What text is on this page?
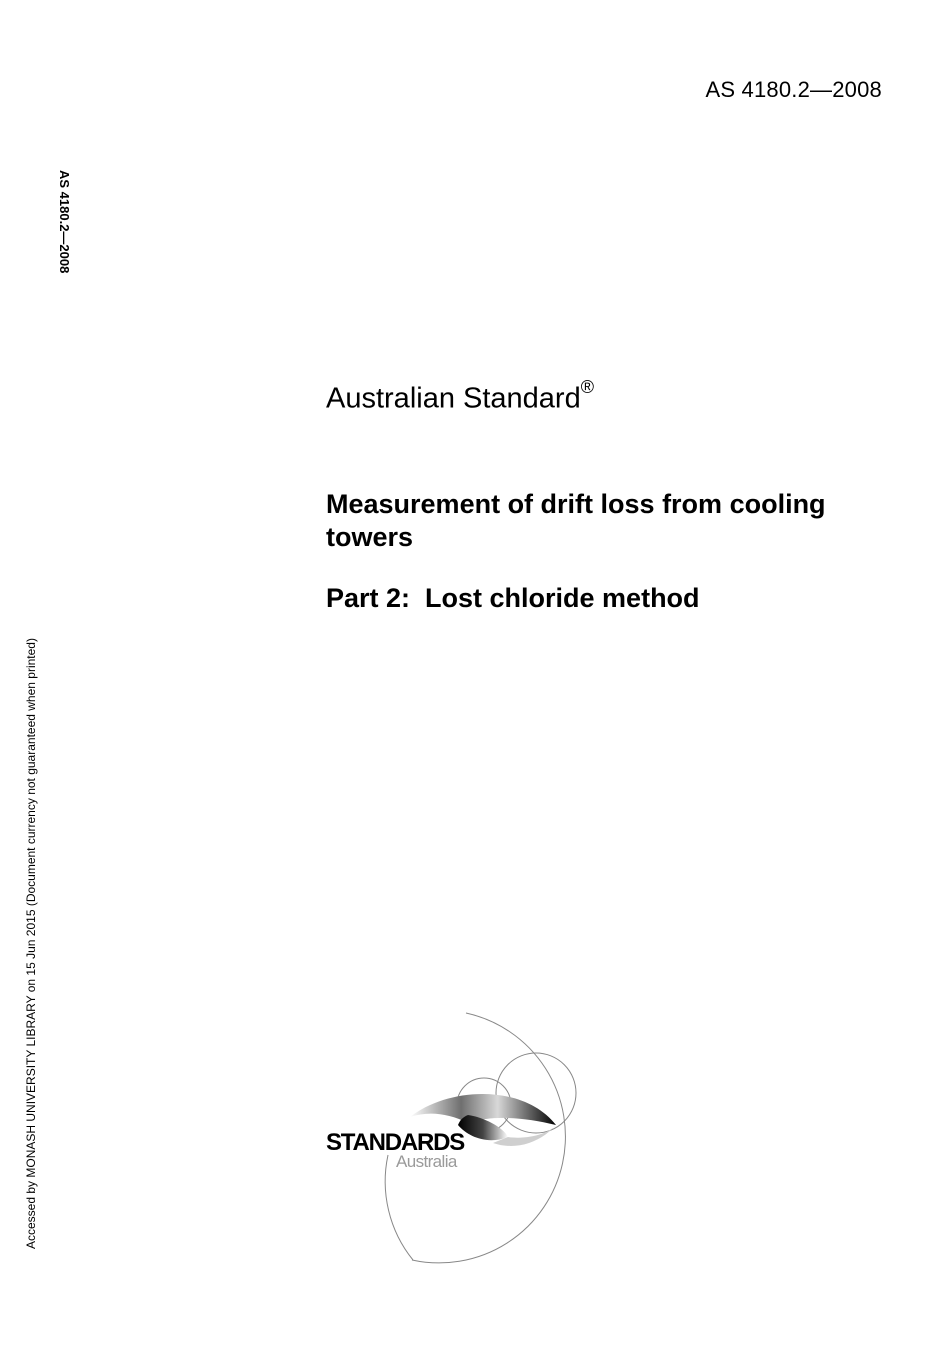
AS 4180.2—2008
AS 4180.2—2008
Accessed by MONASH UNIVERSITY LIBRARY on 15 Jun 2015 (Document currency not guaranteed when printed)
Australian Standard®
Measurement of drift loss from cooling towers
Part 2:  Lost chloride method
STANDARDS
Australia
